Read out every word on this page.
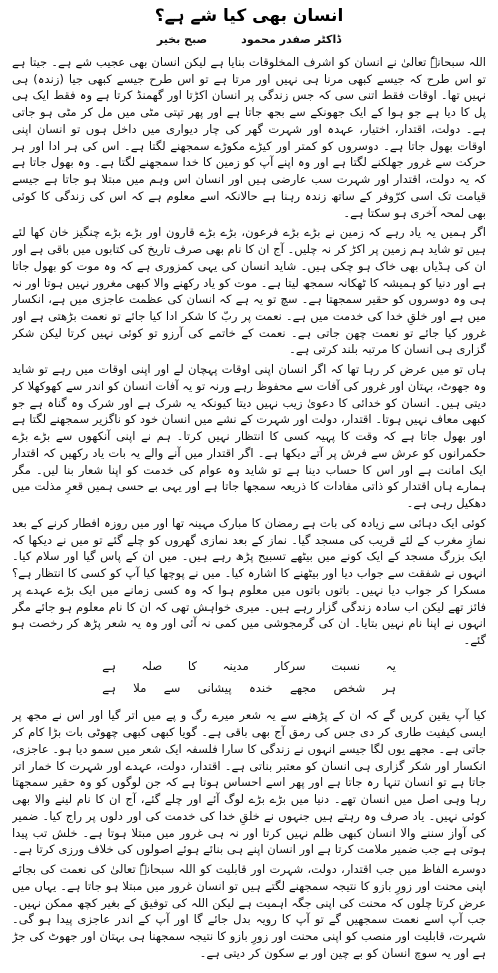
انسان بھی کیا شے ہے؟
ڈاکٹر صفدر محمود
صبح بخیر

اللہ سبحانہٗ تعالیٰ نے انسان کو اشرف المخلوقات بنایا ہے لیکن انسان بھی عجیب شے ہے۔ جیتا ہے تو اس طرح کہ جیسے کبھی مرنا ہی نہیں اور مرتا ہے تو اس طرح جیسے کبھی جیا (زندہ) ہی نہیں تھا۔ اوقات فقط اتنی سی کہ جس زندگی پر انسان اکڑتا اور گھمنڈ کرتا ہے وہ فقط ایک ہی پل کا دیا ہے جو ہوا کے ایک جھونکے سے بجھ جاتا ہے اور پھر تپتی مٹی میں مل کر مٹی ہو جاتی ہے۔ دولت، اقتدار، اختیار، عہدہ اور شہرت گھر کی چار دیواری میں داخل ہوں تو انسان اپنی اوقات بھول جاتا ہے۔ دوسروں کو کمتر اور کیڑے مکوڑے سمجھنے لگتا ہے۔ اس کی ہر ادا اور ہر حرکت سے غرور جھلکنے لگتا ہے اور وہ اپنے آپ کو زمین کا خدا سمجھنے لگتا ہے۔ وہ بھول جاتا ہے کہ یہ دولت، اقتدار اور شہرت سب عارضی ہیں اور انسان اس وہم میں مبتلا ہو جاتا ہے جیسے قیامت تک اسی کرّوفر کے ساتھ زندہ رہنا ہے حالانکہ اسے معلوم ہے کہ اس کی زندگی کا کوئی بھی لمحہ آخری ہو سکتا ہے۔

اگر ہمیں یہ یاد رہے کہ زمین نے بڑے بڑے فرعون، بڑے بڑے قارون اور بڑے بڑے چنگیز خان کھا لئے ہیں تو شاید ہم زمین پر اکڑ کر نہ چلیں۔ آج ان کا نام بھی صرف تاریخ کی کتابوں میں باقی ہے اور ان کی ہڈیاں بھی خاک ہو چکی ہیں۔ شاید انسان کی یہی کمزوری ہے کہ وہ موت کو بھول جاتا ہے اور دنیا کو ہمیشہ کا ٹھکانہ سمجھ لیتا ہے۔ موت کو یاد رکھنے والا کبھی مغرور نہیں ہوتا اور نہ ہی وہ دوسروں کو حقیر سمجھتا ہے۔ سچ تو یہ ہے کہ انسان کی عظمت عاجزی میں ہے، انکسار میں ہے اور خلقِ خدا کی خدمت میں ہے۔ نعمت پر ربّ کا شکر ادا کیا جائے تو نعمت بڑھتی ہے اور غرور کیا جائے تو نعمت چھن جاتی ہے۔ نعمت کے خاتمے کی آرزو تو کوئی نہیں کرتا لیکن شکر گزاری ہی انسان کا مرتبہ بلند کرتی ہے۔

ہاں تو میں عرض کر رہا تھا کہ اگر انسان اپنی اوقات پہچان لے اور اپنی اوقات میں رہے تو شاید وہ جھوٹ، بہتان اور غرور کی آفات سے محفوظ رہے ورنہ تو یہ آفات انسان کو اندر سے کھوکھلا کر دیتی ہیں۔ انسان کو خدائی کا دعویٰ زیب نہیں دیتا کیونکہ یہ شرک ہے اور شرک وہ گناہ ہے جو کبھی معاف نہیں ہوتا۔ اقتدار، دولت اور شہرت کے نشے میں انسان خود کو ناگزیر سمجھنے لگتا ہے اور بھول جاتا ہے کہ وقت کا پہیہ کسی کا انتظار نہیں کرتا۔ ہم نے اپنی آنکھوں سے بڑے بڑے حکمرانوں کو عرش سے فرش پر آتے دیکھا ہے۔ اگر اقتدار میں آنے والے یہ بات یاد رکھیں کہ اقتدار ایک امانت ہے اور اس کا حساب دینا ہے تو شاید وہ عوام کی خدمت کو اپنا شعار بنا لیں۔ مگر ہمارے ہاں اقتدار کو ذاتی مفادات کا ذریعہ سمجھا جاتا ہے اور یہی بے حسی ہمیں قعرِ مذلت میں دھکیل رہی ہے۔

کوئی ایک دہائی سے زیادہ کی بات ہے رمضان کا مبارک مہینہ تھا اور میں روزہ افطار کرنے کے بعد نمازِ مغرب کے لئے قریب کی مسجد گیا۔ نماز کے بعد نمازی گھروں کو چلے گئے تو میں نے دیکھا کہ ایک بزرگ مسجد کے ایک کونے میں بیٹھے تسبیح پڑھ رہے ہیں۔ میں ان کے پاس گیا اور سلام کیا۔ انہوں نے شفقت سے جواب دیا اور بیٹھنے کا اشارہ کیا۔ میں نے پوچھا کیا آپ کو کسی کا انتظار ہے؟ مسکرا کر جواب دیا نہیں۔ باتوں باتوں میں معلوم ہوا کہ وہ کسی زمانے میں ایک بڑے عہدے پر فائز تھے لیکن اب سادہ زندگی گزار رہے ہیں۔ میری خواہش تھی کہ ان کا نام معلوم ہو جائے مگر انہوں نے اپنا نام نہیں بتایا۔ ان کی گرمجوشی میں کمی نہ آئی اور وہ یہ شعر پڑھ کر رخصت ہو گئے۔

یہ نسبت سرکار مدینہ کا صلہ ہے
ہر شخص مجھے خندہ پیشانی سے ملا ہے

کیا آپ یقین کریں گے کہ ان کے پڑھنے سے یہ شعر میرے رگ و پے میں اتر گیا اور اس نے مجھ پر ایسی کیفیت طاری کر دی جس کی رمق آج بھی باقی ہے۔ گویا کبھی کبھی چھوٹی بات بڑا کام کر جاتی ہے۔ مجھے یوں لگا جیسے انہوں نے زندگی کا سارا فلسفہ ایک شعر میں سمو دیا ہو۔ عاجزی، انکسار اور شکر گزاری ہی انسان کو معتبر بناتی ہے۔ اقتدار، دولت، عہدے اور شہرت کا خمار اتر جاتا ہے تو انسان تنہا رہ جاتا ہے اور پھر اسے احساس ہوتا ہے کہ جن لوگوں کو وہ حقیر سمجھتا رہا وہی اصل میں انسان تھے۔ دنیا میں بڑے بڑے لوگ آئے اور چلے گئے، آج ان کا نام لینے والا بھی کوئی نہیں۔ یاد صرف وہ رہتے ہیں جنہوں نے خلقِ خدا کی خدمت کی اور دلوں پر راج کیا۔ ضمیر کی آواز سننے والا انسان کبھی ظلم نہیں کرتا اور نہ ہی غرور میں مبتلا ہوتا ہے۔ خلش تب پیدا ہوتی ہے جب ضمیر ملامت کرتا ہے اور انسان اپنے ہی بنائے ہوئے اصولوں کی خلاف ورزی کرتا ہے۔

دوسرے الفاظ میں جب اقتدار، دولت، شہرت اور قابلیت کو اللہ سبحانہٗ تعالیٰ کی نعمت کی بجائے اپنی محنت اور زورِ بازو کا نتیجہ سمجھنے لگتے ہیں تو انسان غرور میں مبتلا ہو جاتا ہے۔ یہاں میں عرض کرتا چلوں کہ محنت کی اپنی جگہ اہمیت ہے لیکن اللہ کی توفیق کے بغیر کچھ ممکن نہیں۔ جب آپ اسے نعمت سمجھیں گے تو آپ کا رویہ بدل جائے گا اور آپ کے اندر عاجزی پیدا ہو گی۔ شہرت، قابلیت اور منصب کو اپنی محنت اور زورِ بازو کا نتیجہ سمجھنا ہی بہتان اور جھوٹ کی جڑ ہے اور یہ سوچ انسان کو بے چین اور بے سکون کر دیتی ہے۔
